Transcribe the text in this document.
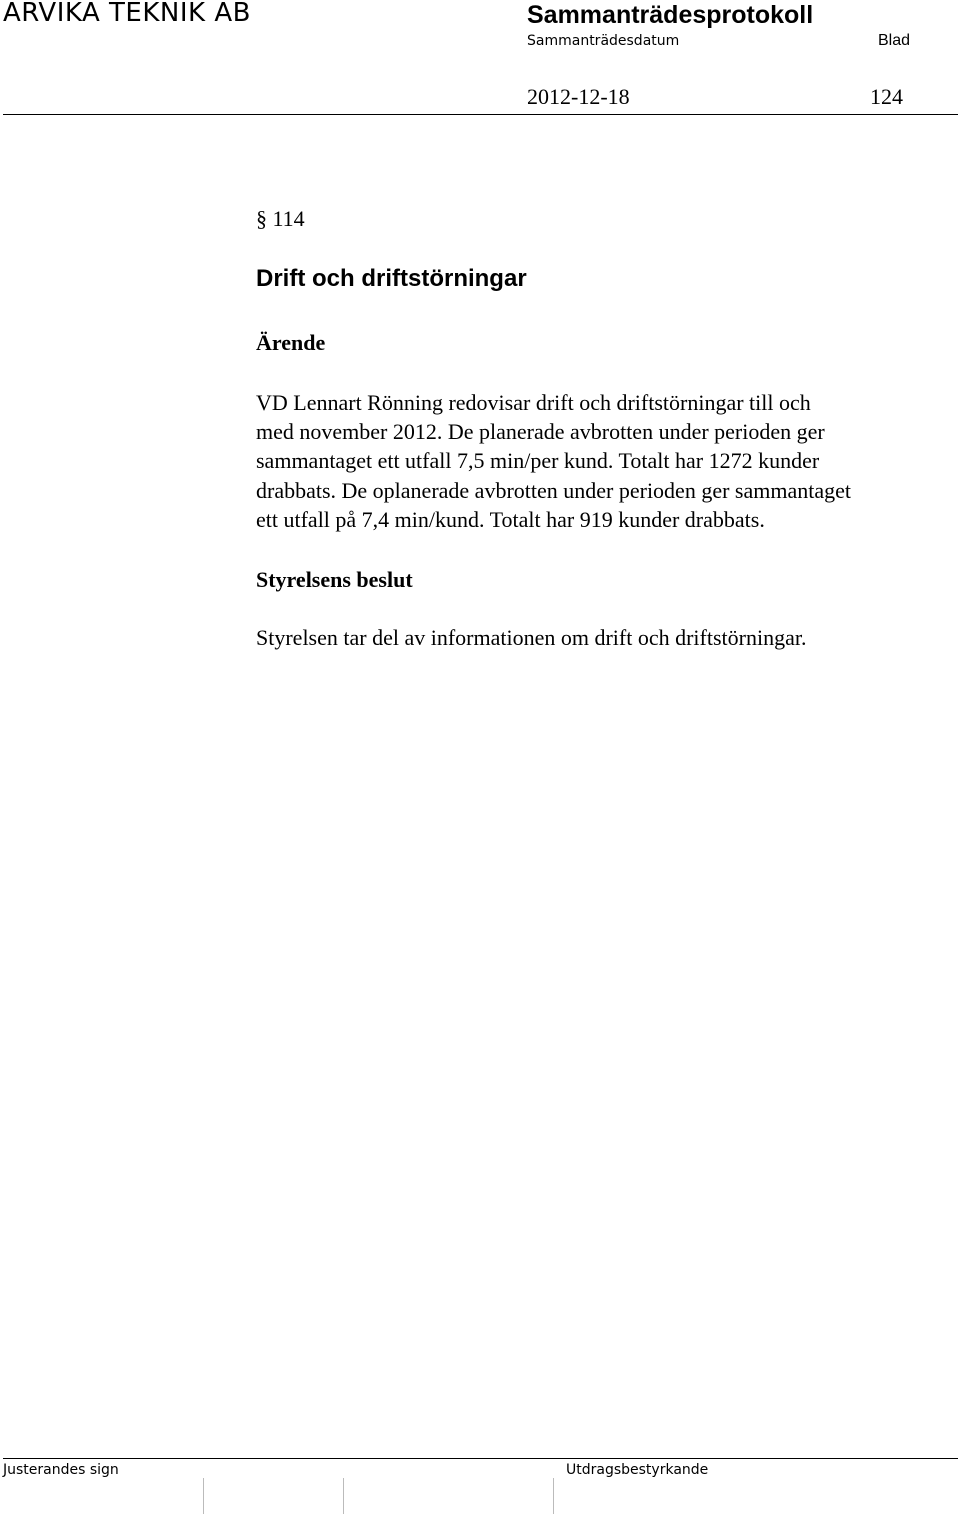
ARVIKA TEKNIK AB	Sammanträdesprotokoll
Sammanträdesdatum	Blad
2012-12-18	124
§ 114
Drift och driftstörningar
Ärende
VD Lennart Rönning redovisar drift och driftstörningar till och
med november 2012. De planerade avbrotten under perioden ger
sammantaget ett utfall 7,5 min/per kund. Totalt har 1272 kunder
drabbats. De oplanerade avbrotten under perioden ger sammantaget
ett utfall på 7,4 min/kund. Totalt har 919 kunder drabbats.
Styrelsens beslut
Styrelsen tar del av informationen om drift och driftstörningar.
Justerandes sign	Utdragsbestyrkande
